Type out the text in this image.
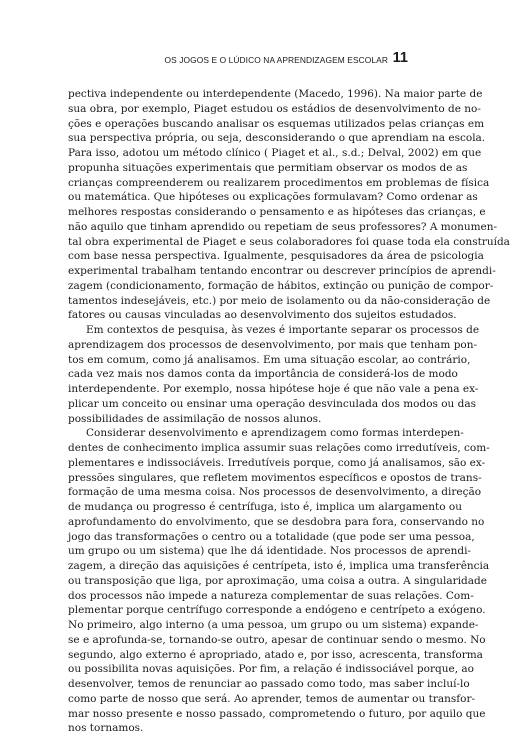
OS JOGOS E O LÚDICO NA APRENDIZAGEM ESCOLAR 11
pectiva independente ou interdependente (Macedo, 1996). Na maior parte de
sua obra, por exemplo, Piaget estudou os estádios de desenvolvimento de no-
ções e operações buscando analisar os esquemas utilizados pelas crianças em
sua perspectiva própria, ou seja, desconsiderando o que aprendiam na escola.
Para isso, adotou um método clínico ( Piaget et al., s.d.; Delval, 2002) em que
propunha situações experimentais que permitiam observar os modos de as
crianças compreenderem ou realizarem procedimentos em problemas de física
ou matemática. Que hipóteses ou explicações formulavam? Como ordenar as
melhores respostas considerando o pensamento e as hipóteses das crianças, e
não aquilo que tinham aprendido ou repetiam de seus professores? A monumen-
tal obra experimental de Piaget e seus colaboradores foi quase toda ela construída
com base nessa perspectiva. Igualmente, pesquisadores da área de psicologia
experimental trabalham tentando encontrar ou descrever princípios de aprendi-
zagem (condicionamento, formação de hábitos, extinção ou punição de compor-
tamentos indesejáveis, etc.) por meio de isolamento ou da não-consideração de
fatores ou causas vinculadas ao desenvolvimento dos sujeitos estudados.
Em contextos de pesquisa, às vezes é importante separar os processos de
aprendizagem dos processos de desenvolvimento, por mais que tenham pon-
tos em comum, como já analisamos. Em uma situação escolar, ao contrário,
cada vez mais nos damos conta da importância de considerá-los de modo
interdependente. Por exemplo, nossa hipótese hoje é que não vale a pena ex-
plicar um conceito ou ensinar uma operação desvinculada dos modos ou das
possibilidades de assimilação de nossos alunos.
Considerar desenvolvimento e aprendizagem como formas interdepen-
dentes de conhecimento implica assumir suas relações como irredutíveis, com-
plementares e indissociáveis. Irredutíveis porque, como já analisamos, são ex-
pressões singulares, que refletem movimentos específicos e opostos de trans-
formação de uma mesma coisa. Nos processos de desenvolvimento, a direção
de mudança ou progresso é centrífuga, isto é, implica um alargamento ou
aprofundamento do envolvimento, que se desdobra para fora, conservando no
jogo das transformações o centro ou a totalidade (que pode ser uma pessoa,
um grupo ou um sistema) que lhe dá identidade. Nos processos de aprendi-
zagem, a direção das aquisições é centrípeta, isto é, implica uma transferência
ou transposição que liga, por aproximação, uma coisa a outra. A singularidade
dos processos não impede a natureza complementar de suas relações. Com-
plementar porque centrífugo corresponde a endógeno e centrípeto a exógeno.
No primeiro, algo interno (a uma pessoa, um grupo ou um sistema) expande-
se e aprofunda-se, tornando-se outro, apesar de continuar sendo o mesmo. No
segundo, algo externo é apropriado, atado e, por isso, acrescenta, transforma
ou possibilita novas aquisições. Por fim, a relação é indissociável porque, ao
desenvolver, temos de renunciar ao passado como todo, mas saber incluí-lo
como parte de nosso que será. Ao aprender, temos de aumentar ou transfor-
mar nosso presente e nosso passado, comprometendo o futuro, por aquilo que
nos tornamos.
